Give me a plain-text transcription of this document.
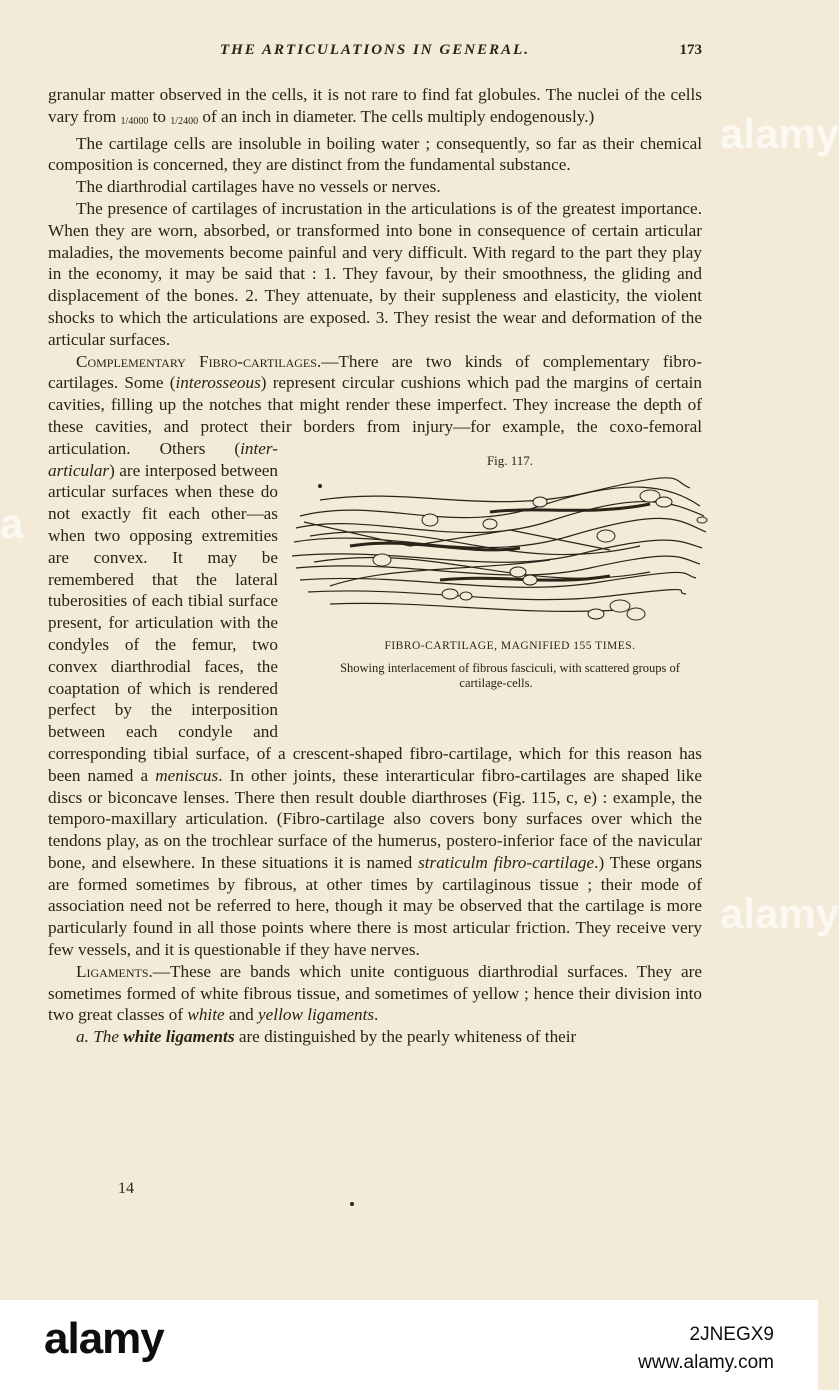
THE ARTICULATIONS IN GENERAL.	173

granular matter observed in the cells, it is not rare to find fat globules. The nuclei of the cells vary from 1/4000 to 1/2400 of an inch in diameter. The cells multiply endogenously.)

The cartilage cells are insoluble in boiling water ; consequently, so far as their chemical composition is concerned, they are distinct from the fundamental substance.

The diarthrodial cartilages have no vessels or nerves.

The presence of cartilages of incrustation in the articulations is of the greatest importance. When they are worn, absorbed, or transformed into bone in consequence of certain articular maladies, the movements become painful and very difficult. With regard to the part they play in the economy, it may be said that : 1. They favour, by their smoothness, the gliding and displacement of the bones. 2. They attenuate, by their suppleness and elasticity, the violent shocks to which the articulations are exposed. 3. They resist the wear and deformation of the articular surfaces.

Complementary Fibro-cartilages.—There are two kinds of complementary fibro-cartilages. Some (interosseous) represent circular cushions which pad the margins of certain cavities, filling up the notches that might render these imperfect. They increase the depth of these cavities, and protect their borders from injury—for example, the coxo-femoral articulation. Others (
Fig. 117.
FIBRO-CARTILAGE, MAGNIFIED 155 TIMES.
Showing interlacement of fibrous fasciculi, with scattered groups of cartilage-cells.
inter-articular) are interposed between articular surfaces when these do not exactly fit each other—as when two opposing extremities are convex. It may be remembered that the lateral tuberosities of each tibial surface present, for articulation with the condyles of the femur, two convex diarthrodial faces, the coaptation of which is rendered perfect by the interposition between each condyle and corresponding tibial surface, of a crescent-shaped fibro-cartilage, which for this reason has been named a meniscus. In other joints, these interarticular fibro-cartilages are shaped like discs or biconcave lenses. There then result double diarthroses (Fig. 115, c, e) : example, the temporo-maxillary articulation. (Fibro-cartilage also covers bony surfaces over which the tendons play, as on the trochlear surface of the humerus, postero-inferior face of the navicular bone, and elsewhere. In these situations it is named straticulm fibro-cartilage.) These organs are formed sometimes by fibrous, at other times by cartilaginous tissue ; their mode of association need not be referred to here, though it may be observed that the cartilage is more particularly found in all those points where there is most articular friction. They receive very few vessels, and it is questionable if they have nerves.

Ligaments.—These are bands which unite contiguous diarthrodial surfaces. They are sometimes formed of white fibrous tissue, and sometimes of yellow ; hence their division into two great classes of white and yellow ligaments.

a. The white ligaments are distinguished by the pearly whiteness of their

14
a
alamy
alamy
alamy	2JNEGX9
www.alamy.com
